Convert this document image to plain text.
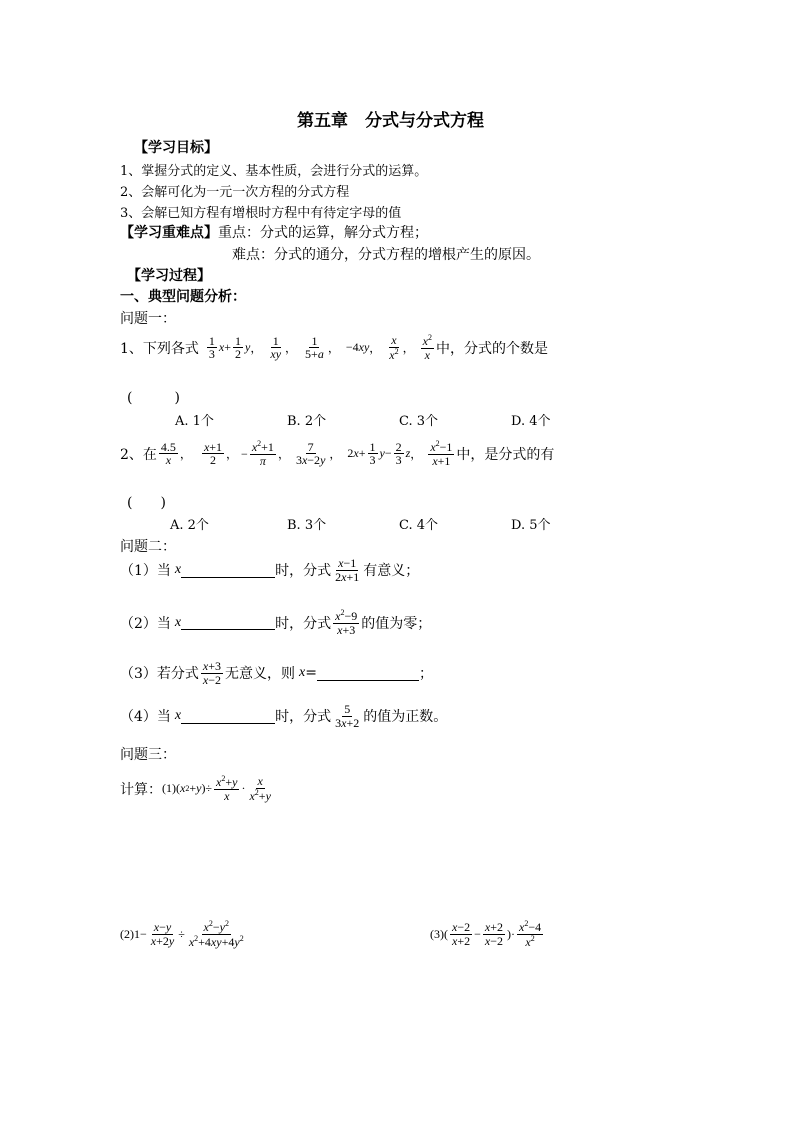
第五章　分式与分式方程
【学习目标】
1、掌握分式的定义、基本性质，会进行分式的运算。
2、会解可化为一元一次方程的分式方程
3、会解已知方程有增根时方程中有待定字母的值
【学习重难点】重点：分式的运算，解分式方程；
难点：分式的通分，分式方程的增根产生的原因。
【学习过程】
一、典型问题分析：
问题一：
1、下列各式 $\frac{1}{3}$ $x + \frac{1}{2}$ y ， $\frac{1}{xy}$ ， $\frac{1}{5+a}$ ， −4xy ， $\frac{x}{x^2}$ ， $\frac{x^2}{x}$ 中，分式的个数是
(　　　)
A. 1个	B. 2个	C. 3个	D. 4个
2、在 $\frac{4.5}{x}$ ， $\frac{x+1}{2}$ ， − $\frac{x^2+1}{\pi}$ ， $\frac{7}{3x-2y}$ ， $2x+ \frac{1}{3}$ $y - \frac{2}{3}$ z ， $\frac{x^2-1}{x+1}$ 中，是分式的有
(　　)
A. 2个	B. 3个	C. 4个	D. 5个
问题二：
（1）当 x	时，分式 $\frac{x-1}{2x+1}$ 有意义；
（2）当 x	时，分式 $\frac{x^2-9}{x+3}$ 的值为零；
（3）若分式 $\frac{x+3}{x-2}$ 无意义，则 x =	；
（4）当 x	时，分式 $\frac{5}{3x+2}$ 的值为正数。
问题三：
计算： (1) ( x 2 + y )÷ $\frac{x^2+y}{x} \cdot \frac{x}{x^2+y}$
(2) $1- \frac{x-y}{x+2y} \div \frac{x^2-y^2}{x^2+4xy+4y^2}$	(3) ( $\frac{x-2}{x+2} - \frac{x+2}{x-2}$ )· $\frac{x^2-4}{x^2}$
